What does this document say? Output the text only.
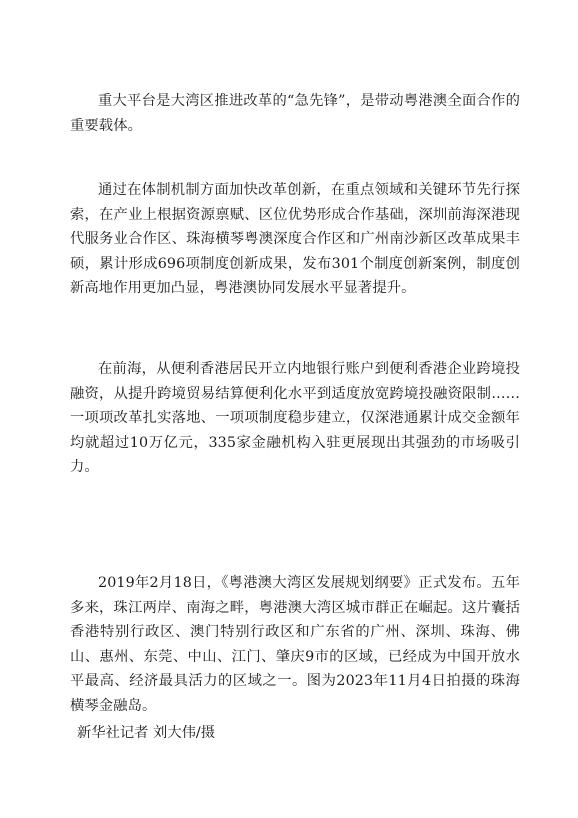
重大平台是大湾区推进改革的“急先锋”，是带动粤港澳全面合作的重要载体。

通过在体制机制方面加快改革创新，在重点领域和关键环节先行探索，在产业上根据资源禀赋、区位优势形成合作基础，深圳前海深港现代服务业合作区、珠海横琴粤澳深度合作区和广州南沙新区改革成果丰硕，累计形成696项制度创新成果，发布301个制度创新案例，制度创新高地作用更加凸显，粤港澳协同发展水平显著提升。

在前海，从便利香港居民开立内地银行账户到便利香港企业跨境投融资，从提升跨境贸易结算便利化水平到适度放宽跨境投融资限制……一项项改革扎实落地、一项项制度稳步建立，仅深港通累计成交金额年均就超过10万亿元，335家金融机构入驻更展现出其强劲的市场吸引力。

2019年2月18日，《粤港澳大湾区发展规划纲要》正式发布。五年多来，珠江两岸、南海之畔，粤港澳大湾区城市群正在崛起。这片囊括香港特别行政区、澳门特别行政区和广东省的广州、深圳、珠海、佛山、惠州、东莞、中山、江门、肇庆9市的区域，已经成为中国开放水平最高、经济最具活力的区域之一。图为2023年11月4日拍摄的珠海横琴金融岛。

新华社记者 刘大伟/摄
